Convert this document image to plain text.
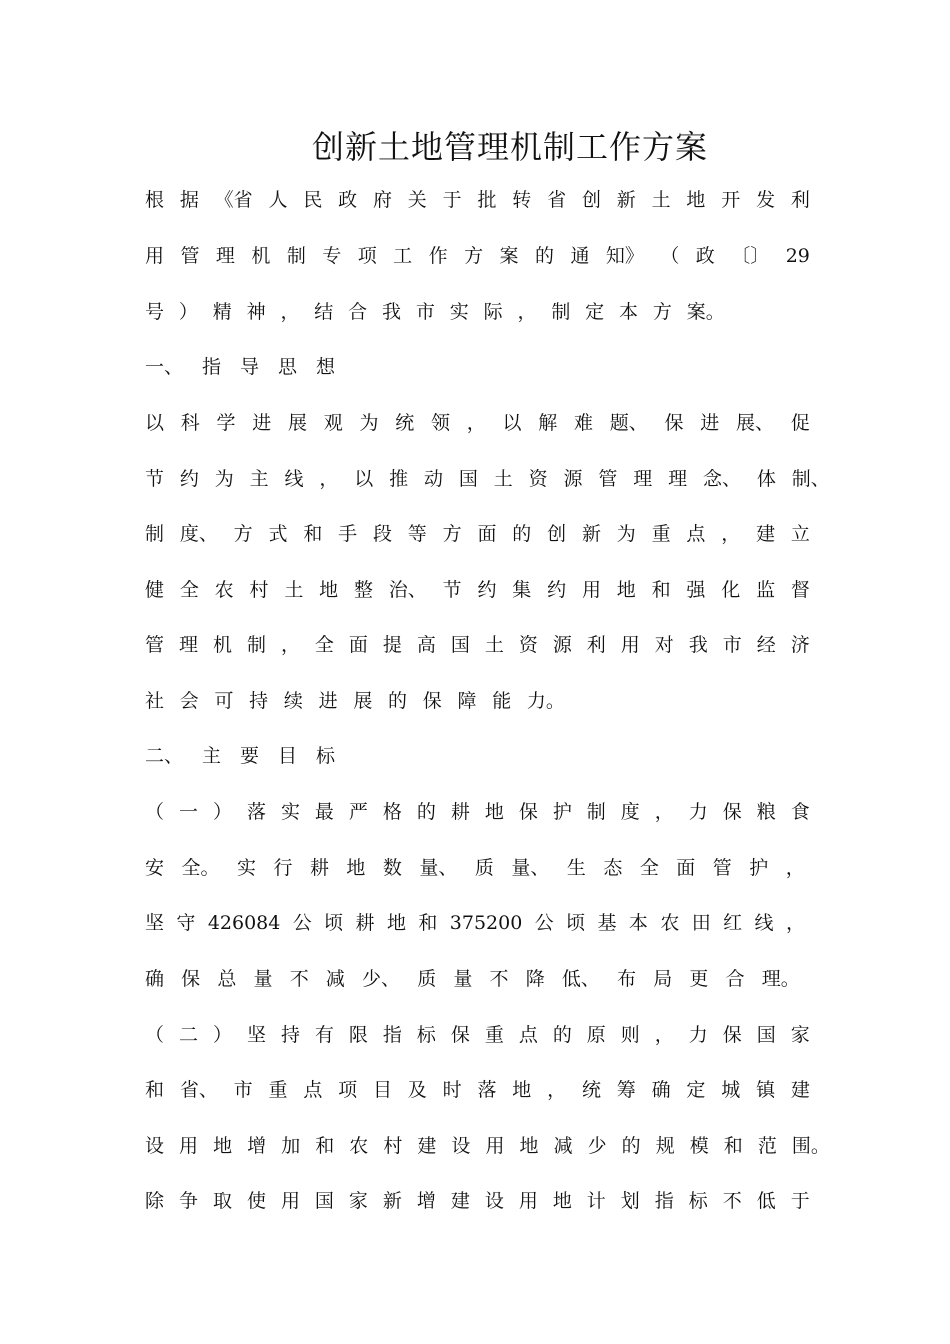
创新土地管理机制工作方案
根 据 《省 人 民 政 府 关 于 批 转 省 创 新 土 地 开 发 利
用 管 理 机 制 专 项 工 作 方 案 的 通 知》 （ 政 〔〕 29
号 ） 精 神 ， 结 合 我 市 实 际 ， 制 定 本 方 案。
一、 指 导 思 想
以 科 学 进 展 观 为 统 领 ， 以 解 难 题、 保 进 展、 促
节 约 为 主 线 ， 以 推 动 国 土 资 源 管 理 理 念、 体 制、
制 度、 方 式 和 手 段 等 方 面 的 创 新 为 重 点 ， 建 立
健 全 农 村 土 地 整 治、 节 约 集 约 用 地 和 强 化 监 督
管 理 机 制 ， 全 面 提 高 国 土 资 源 利 用 对 我 市 经 济
社 会 可 持 续 进 展 的 保 障 能 力。
二、 主 要 目 标
（ 一 ） 落 实 最 严 格 的 耕 地 保 护 制 度 ， 力 保 粮 食
安 全。 实 行 耕 地 数 量、 质 量、 生 态 全 面 管 护 ，
坚 守 426084 公 顷 耕 地 和 375200 公 顷 基 本 农 田 红 线 ，
确 保 总 量 不 减 少、 质 量 不 降 低、 布 局 更 合 理。
（ 二 ） 坚 持 有 限 指 标 保 重 点 的 原 则 ， 力 保 国 家
和 省、 市 重 点 项 目 及 时 落 地 ， 统 筹 确 定 城 镇 建
设 用 地 增 加 和 农 村 建 设 用 地 减 少 的 规 模 和 范 围。
除 争 取 使 用 国 家 新 增 建 设 用 地 计 划 指 标 不 低 于
